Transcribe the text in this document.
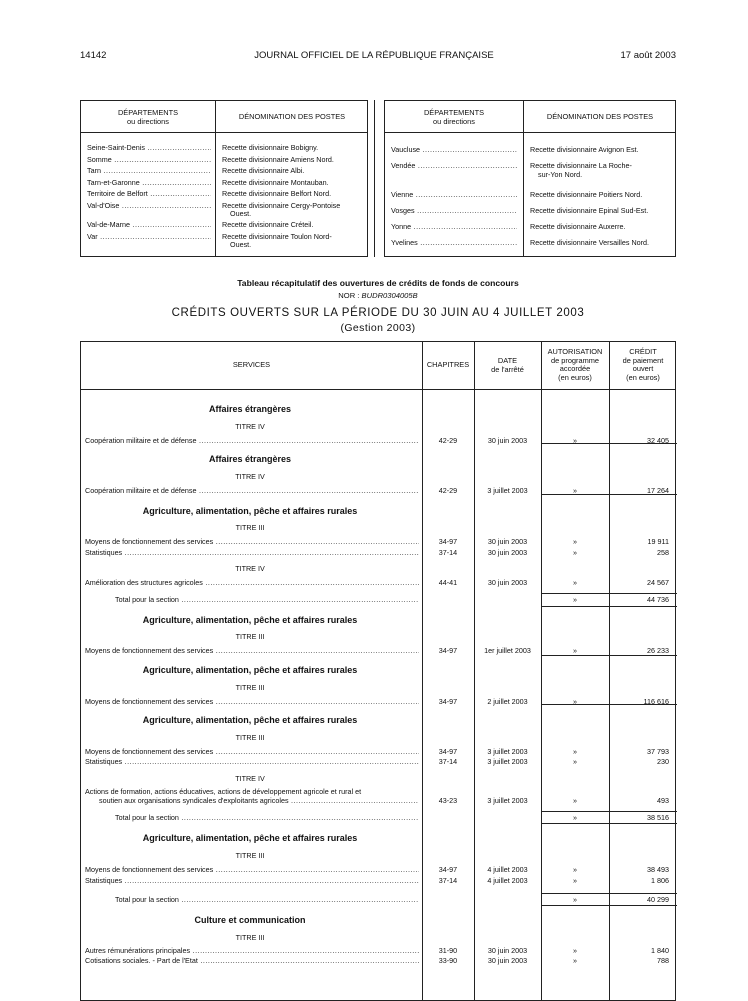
14142	JOURNAL OFFICIEL DE LA RÉPUBLIQUE FRANÇAISE	17 août 2003
DÉPARTEMENTS
ou directions	DÉNOMINATION DES POSTES
Seine-Saint-Denis .....	Recette divisionnaire Bobigny.
Somme .....	Recette divisionnaire Amiens Nord.
Tarn .....	Recette divisionnaire Albi.
Tarn-et-Garonne .....	Recette divisionnaire Montauban.
Territoire de Belfort .....	Recette divisionnaire Belfort Nord.
Val-d'Oise .....	Recette divisionnaire Cergy-Pontoise
Ouest.
Val-de-Marne .....	Recette divisionnaire Créteil.
Var .....	Recette divisionnaire Toulon Nord-
Ouest.
DÉPARTEMENTS
ou directions	DÉNOMINATION DES POSTES
Vaucluse .....	Recette divisionnaire Avignon Est.
Vendée .....	Recette divisionnaire La Roche-
sur-Yon Nord.
Vienne .....	Recette divisionnaire Poitiers Nord.
Vosges .....	Recette divisionnaire Epinal Sud-Est.
Yonne .....	Recette divisionnaire Auxerre.
Yvelines .....	Recette divisionnaire Versailles Nord.
Tableau récapitulatif des ouvertures de crédits de fonds de concours
NOR : BUDR0304005B
CRÉDITS OUVERTS SUR LA PÉRIODE DU 30 JUIN AU 4 JUILLET 2003
(Gestion 2003)
SERVICES	CHAPITRES	DATE
de l'arrêté
AUTORISATION
de programme
accordée
(en euros)
CRÉDIT
de paiement
ouvert
(en euros)
Affaires étrangères
TITRE IV
Coopération militaire et de défense .....	42-29	30 juin 2003	»	32 405
Affaires étrangères
TITRE IV
Coopération militaire et de défense .....	42-29	3 juillet 2003	»	17 264
Agriculture, alimentation, pêche et affaires rurales
TITRE III
Moyens de fonctionnement des services .....	34-97	30 juin 2003	»	19 911
Statistiques .....	37-14	30 juin 2003	»	258
TITRE IV
Amélioration des structures agricoles .....	44-41	30 juin 2003	»	24 567
Total pour la section .....	»	44 736
Agriculture, alimentation, pêche et affaires rurales
TITRE III
Moyens de fonctionnement des services .....	34-97	1er juillet 2003	»	26 233
Agriculture, alimentation, pêche et affaires rurales
TITRE III
Moyens de fonctionnement des services .....	34-97	2 juillet 2003	»	116 616
Agriculture, alimentation, pêche et affaires rurales
TITRE III
Moyens de fonctionnement des services .....	34-97	3 juillet 2003	»	37 793
Statistiques .....	37-14	3 juillet 2003	»	230
TITRE IV
Actions de formation, actions éducatives, actions de développement agricole et rural et
soutien aux organisations syndicales d'exploitants agricoles .....	43-23	3 juillet 2003	»	493
Total pour la section .....	»	38 516
Agriculture, alimentation, pêche et affaires rurales
TITRE III
Moyens de fonctionnement des services .....	34-97	4 juillet 2003	»	38 493
Statistiques .....	37-14	4 juillet 2003	»	1 806
Total pour la section .....	»	40 299
Culture et communication
TITRE III
Autres rémunérations principales .....	31-90	30 juin 2003	»	1 840
Cotisations sociales. - Part de l'Etat .....	33-90	30 juin 2003	»	788
